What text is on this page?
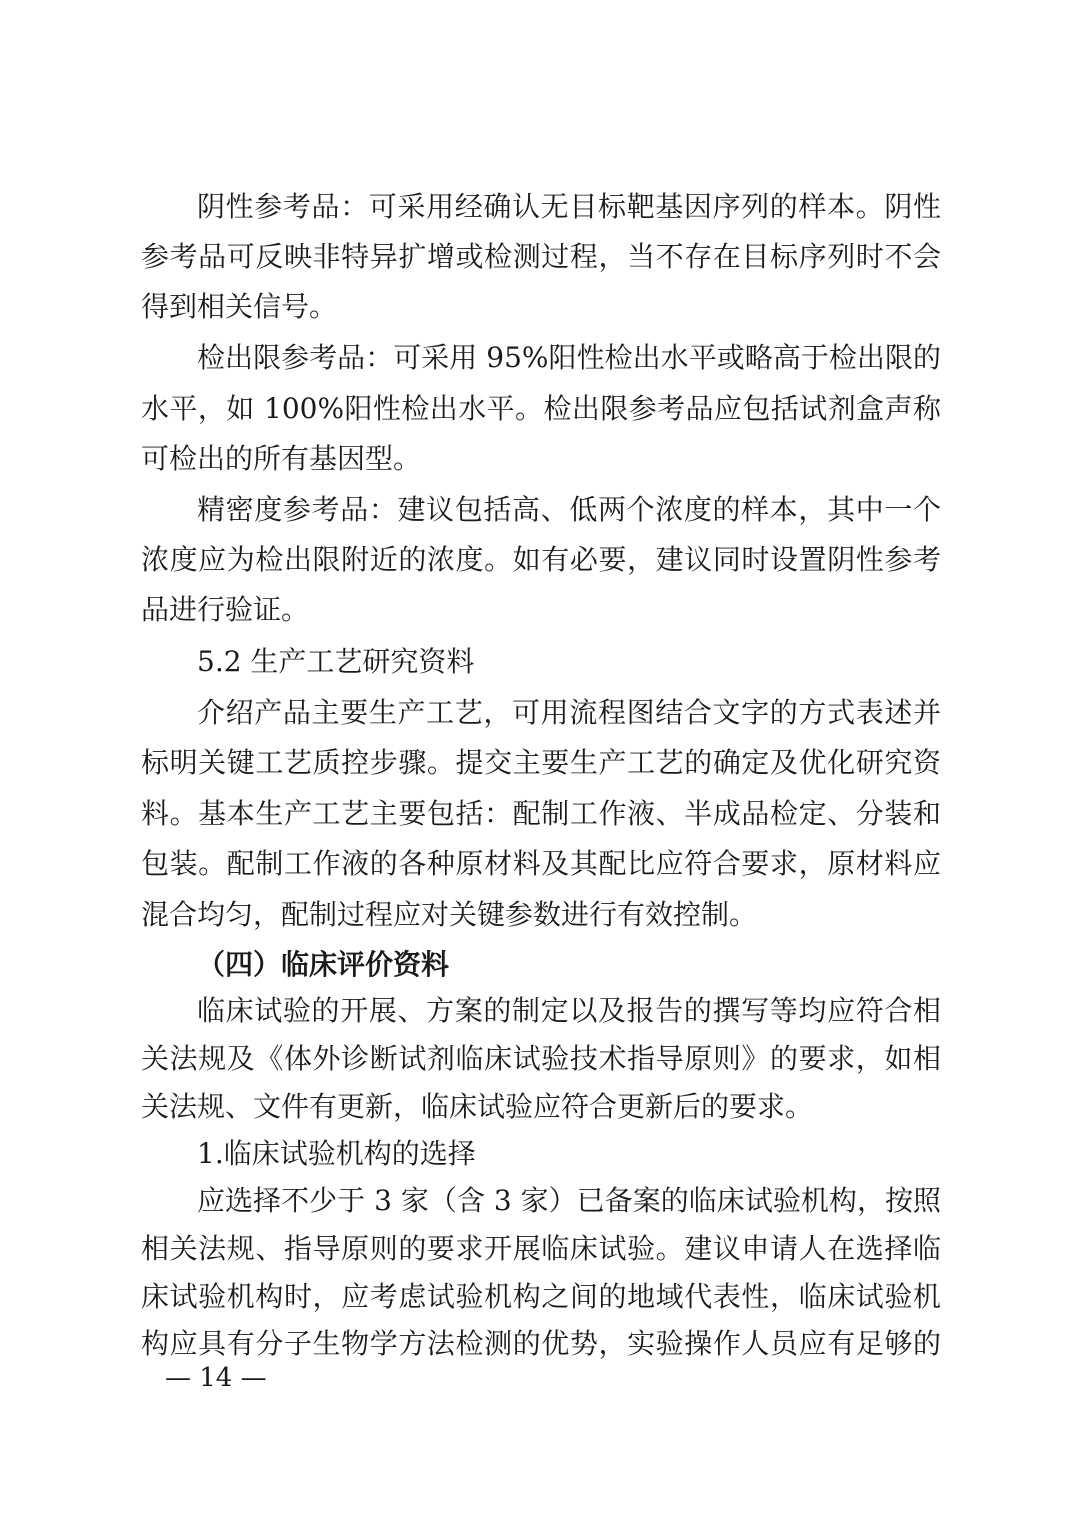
阴性参考品：可采用经确认无目标靶基因序列的样本。阴性
参考品可反映非特异扩增或检测过程，当不存在目标序列时不会
得到相关信号。
检出限参考品：可采用 95%阳性检出水平或略高于检出限的
水平，如 100%阳性检出水平。检出限参考品应包括试剂盒声称
可检出的所有基因型。
精密度参考品：建议包括高、低两个浓度的样本，其中一个
浓度应为检出限附近的浓度。如有必要，建议同时设置阴性参考
品进行验证。
5.2 生产工艺研究资料
介绍产品主要生产工艺，可用流程图结合文字的方式表述并
标明关键工艺质控步骤。提交主要生产工艺的确定及优化研究资
料。基本生产工艺主要包括：配制工作液、半成品检定、分装和
包装。配制工作液的各种原材料及其配比应符合要求，原材料应
混合均匀，配制过程应对关键参数进行有效控制。
（四）临床评价资料
临床试验的开展、方案的制定以及报告的撰写等均应符合相
关法规及《体外诊断试剂临床试验技术指导原则》的要求，如相
关法规、文件有更新，临床试验应符合更新后的要求。
1.临床试验机构的选择
应选择不少于 3 家（含 3 家）已备案的临床试验机构，按照
相关法规、指导原则的要求开展临床试验。建议申请人在选择临
床试验机构时，应考虑试验机构之间的地域代表性，临床试验机
构应具有分子生物学方法检测的优势，实验操作人员应有足够的
— 14 —
